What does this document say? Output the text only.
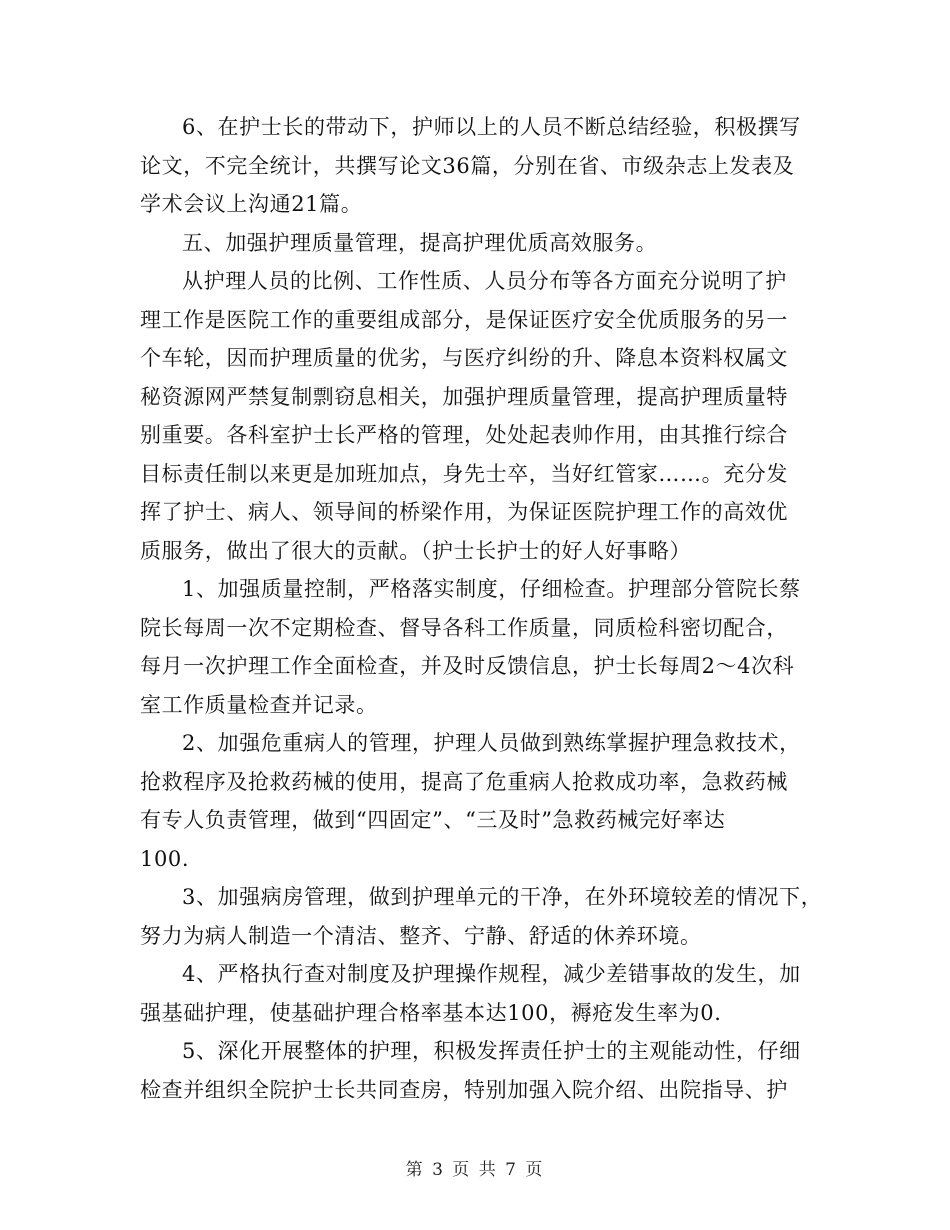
6、在护士长的带动下，护师以上的人员不断总结经验，积极撰写
论文，不完全统计，共撰写论文36篇，分别在省、市级杂志上发表及
学术会议上沟通21篇。

五、加强护理质量管理，提高护理优质高效服务。

从护理人员的比例、工作性质、人员分布等各方面充分说明了护
理工作是医院工作的重要组成部分，是保证医疗安全优质服务的另一
个车轮，因而护理质量的优劣，与医疗纠纷的升、降息本资料权属文
秘资源网严禁复制剽窃息相关，加强护理质量管理，提高护理质量特
别重要。各科室护士长严格的管理，处处起表帅作用，由其推行综合
目标责任制以来更是加班加点，身先士卒，当好红管家……。充分发
挥了护士、病人、领导间的桥梁作用，为保证医院护理工作的高效优
质服务，做出了很大的贡献。（护士长护士的好人好事略）

1、加强质量控制，严格落实制度，仔细检查。护理部分管院长蔡
院长每周一次不定期检查、督导各科工作质量，同质检科密切配合，
每月一次护理工作全面检查，并及时反馈信息，护士长每周2～4次科
室工作质量检查并记录。

2、加强危重病人的管理，护理人员做到熟练掌握护理急救技术，
抢救程序及抢救药械的使用，提高了危重病人抢救成功率，急救药械
有专人负责管理，做到“四固定”、“三及时”急救药械完好率达
100.

3、加强病房管理，做到护理单元的干净，在外环境较差的情况下，
努力为病人制造一个清洁、整齐、宁静、舒适的休养环境。

4、严格执行查对制度及护理操作规程，减少差错事故的发生，加
强基础护理，使基础护理合格率基本达100，褥疮发生率为0.

5、深化开展整体的护理，积极发挥责任护士的主观能动性，仔细
检查并组织全院护士长共同查房，特别加强入院介绍、出院指导、护

第 3 页 共 7 页
